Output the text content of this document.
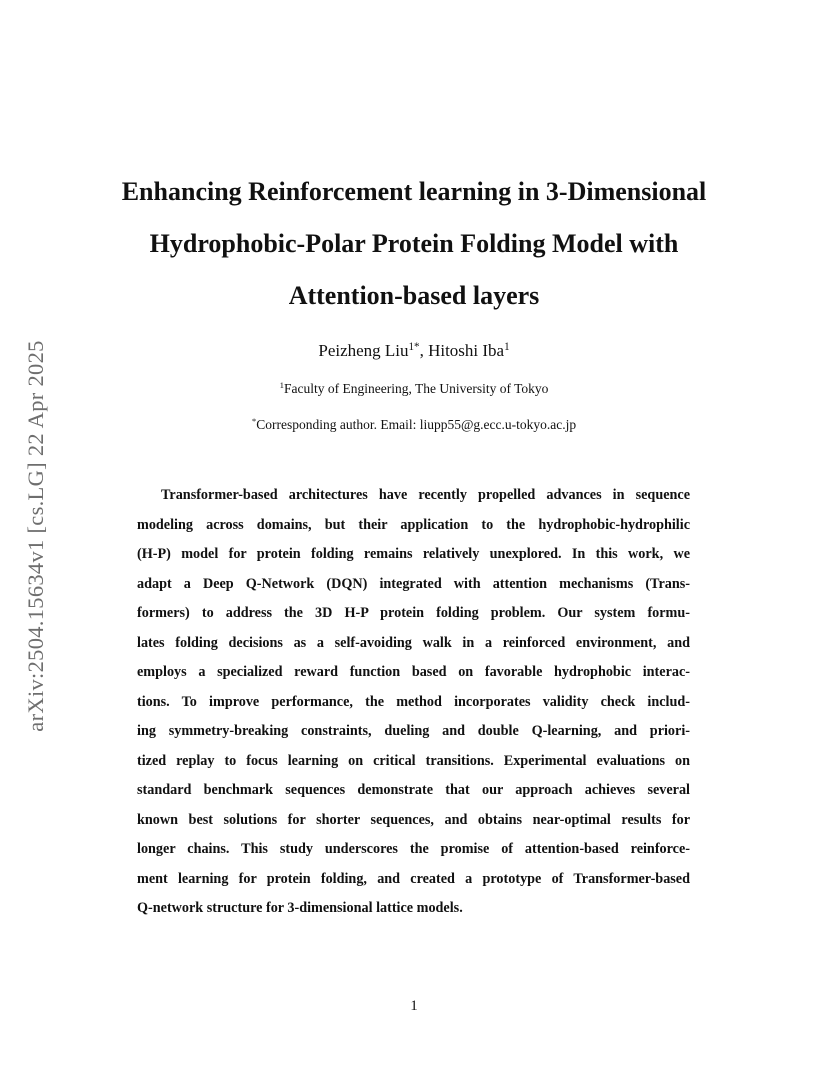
arXiv:2504.15634v1 [cs.LG] 22 Apr 2025
Enhancing Reinforcement learning in 3-Dimensional
Hydrophobic-Polar Protein Folding Model with
Attention-based layers
Peizheng Liu$^{1*}$, Hitoshi Iba$^1$
$^1$Faculty of Engineering, The University of Tokyo
*Corresponding author. Email: liupp55@g.ecc.u-tokyo.ac.jp
Transformer-based architectures have recently propelled advances in sequence
modeling across domains, but their application to the hydrophobic-hydrophilic
(H-P) model for protein folding remains relatively unexplored. In this work, we
adapt a Deep Q-Network (DQN) integrated with attention mechanisms (Trans-
formers) to address the 3D H-P protein folding problem. Our system formu-
lates folding decisions as a self-avoiding walk in a reinforced environment, and
employs a specialized reward function based on favorable hydrophobic interac-
tions. To improve performance, the method incorporates validity check includ-
ing symmetry-breaking constraints, dueling and double Q-learning, and priori-
tized replay to focus learning on critical transitions. Experimental evaluations on
standard benchmark sequences demonstrate that our approach achieves several
known best solutions for shorter sequences, and obtains near-optimal results for
longer chains. This study underscores the promise of attention-based reinforce-
ment learning for protein folding, and created a prototype of Transformer-based
Q-network structure for 3-dimensional lattice models.
1
